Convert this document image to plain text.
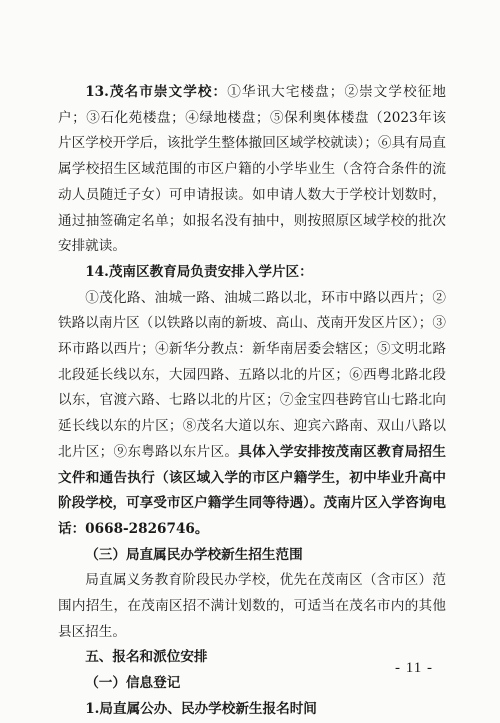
13.茂名市崇文学校：①华讯大宅楼盘；②崇文学校征地户；③石化苑楼盘；④绿地楼盘；⑤保利奥体楼盘（2023年该片区学校开学后，该批学生整体撤回区域学校就读）；⑥具有局直属学校招生区域范围的市区户籍的小学毕业生（含符合条件的流动人员随迁子女）可申请报读。如申请人数大于学校计划数时，通过抽签确定名单；如报名没有抽中，则按照原区域学校的批次安排就读。

14.茂南区教育局负责安排入学片区：

①茂化路、油城一路、油城二路以北，环市中路以西片；②铁路以南片区（以铁路以南的新坡、高山、茂南开发区片区）；③环市路以西片；④新华分教点：新华南居委会辖区；⑤文明北路北段延长线以东，大园四路、五路以北的片区；⑥西粤北路北段以东，官渡六路、七路以北的片区；⑦金宝四巷跨官山七路北向延长线以东的片区；⑧茂名大道以东、迎宾六路南、双山八路以北片区；⑨东粤路以东片区。具体入学安排按茂南区教育局招生文件和通告执行（该区域入学的市区户籍学生，初中毕业升高中阶段学校，可享受市区户籍学生同等待遇）。茂南片区入学咨询电话：0668-2826746。

（三）局直属民办学校新生招生范围

局直属义务教育阶段民办学校，优先在茂南区（含市区）范围内招生，在茂南区招不满计划数的，可适当在茂名市内的其他县区招生。

五、报名和派位安排

（一）信息登记

1.局直属公办、民办学校新生报名时间

- 11 -
